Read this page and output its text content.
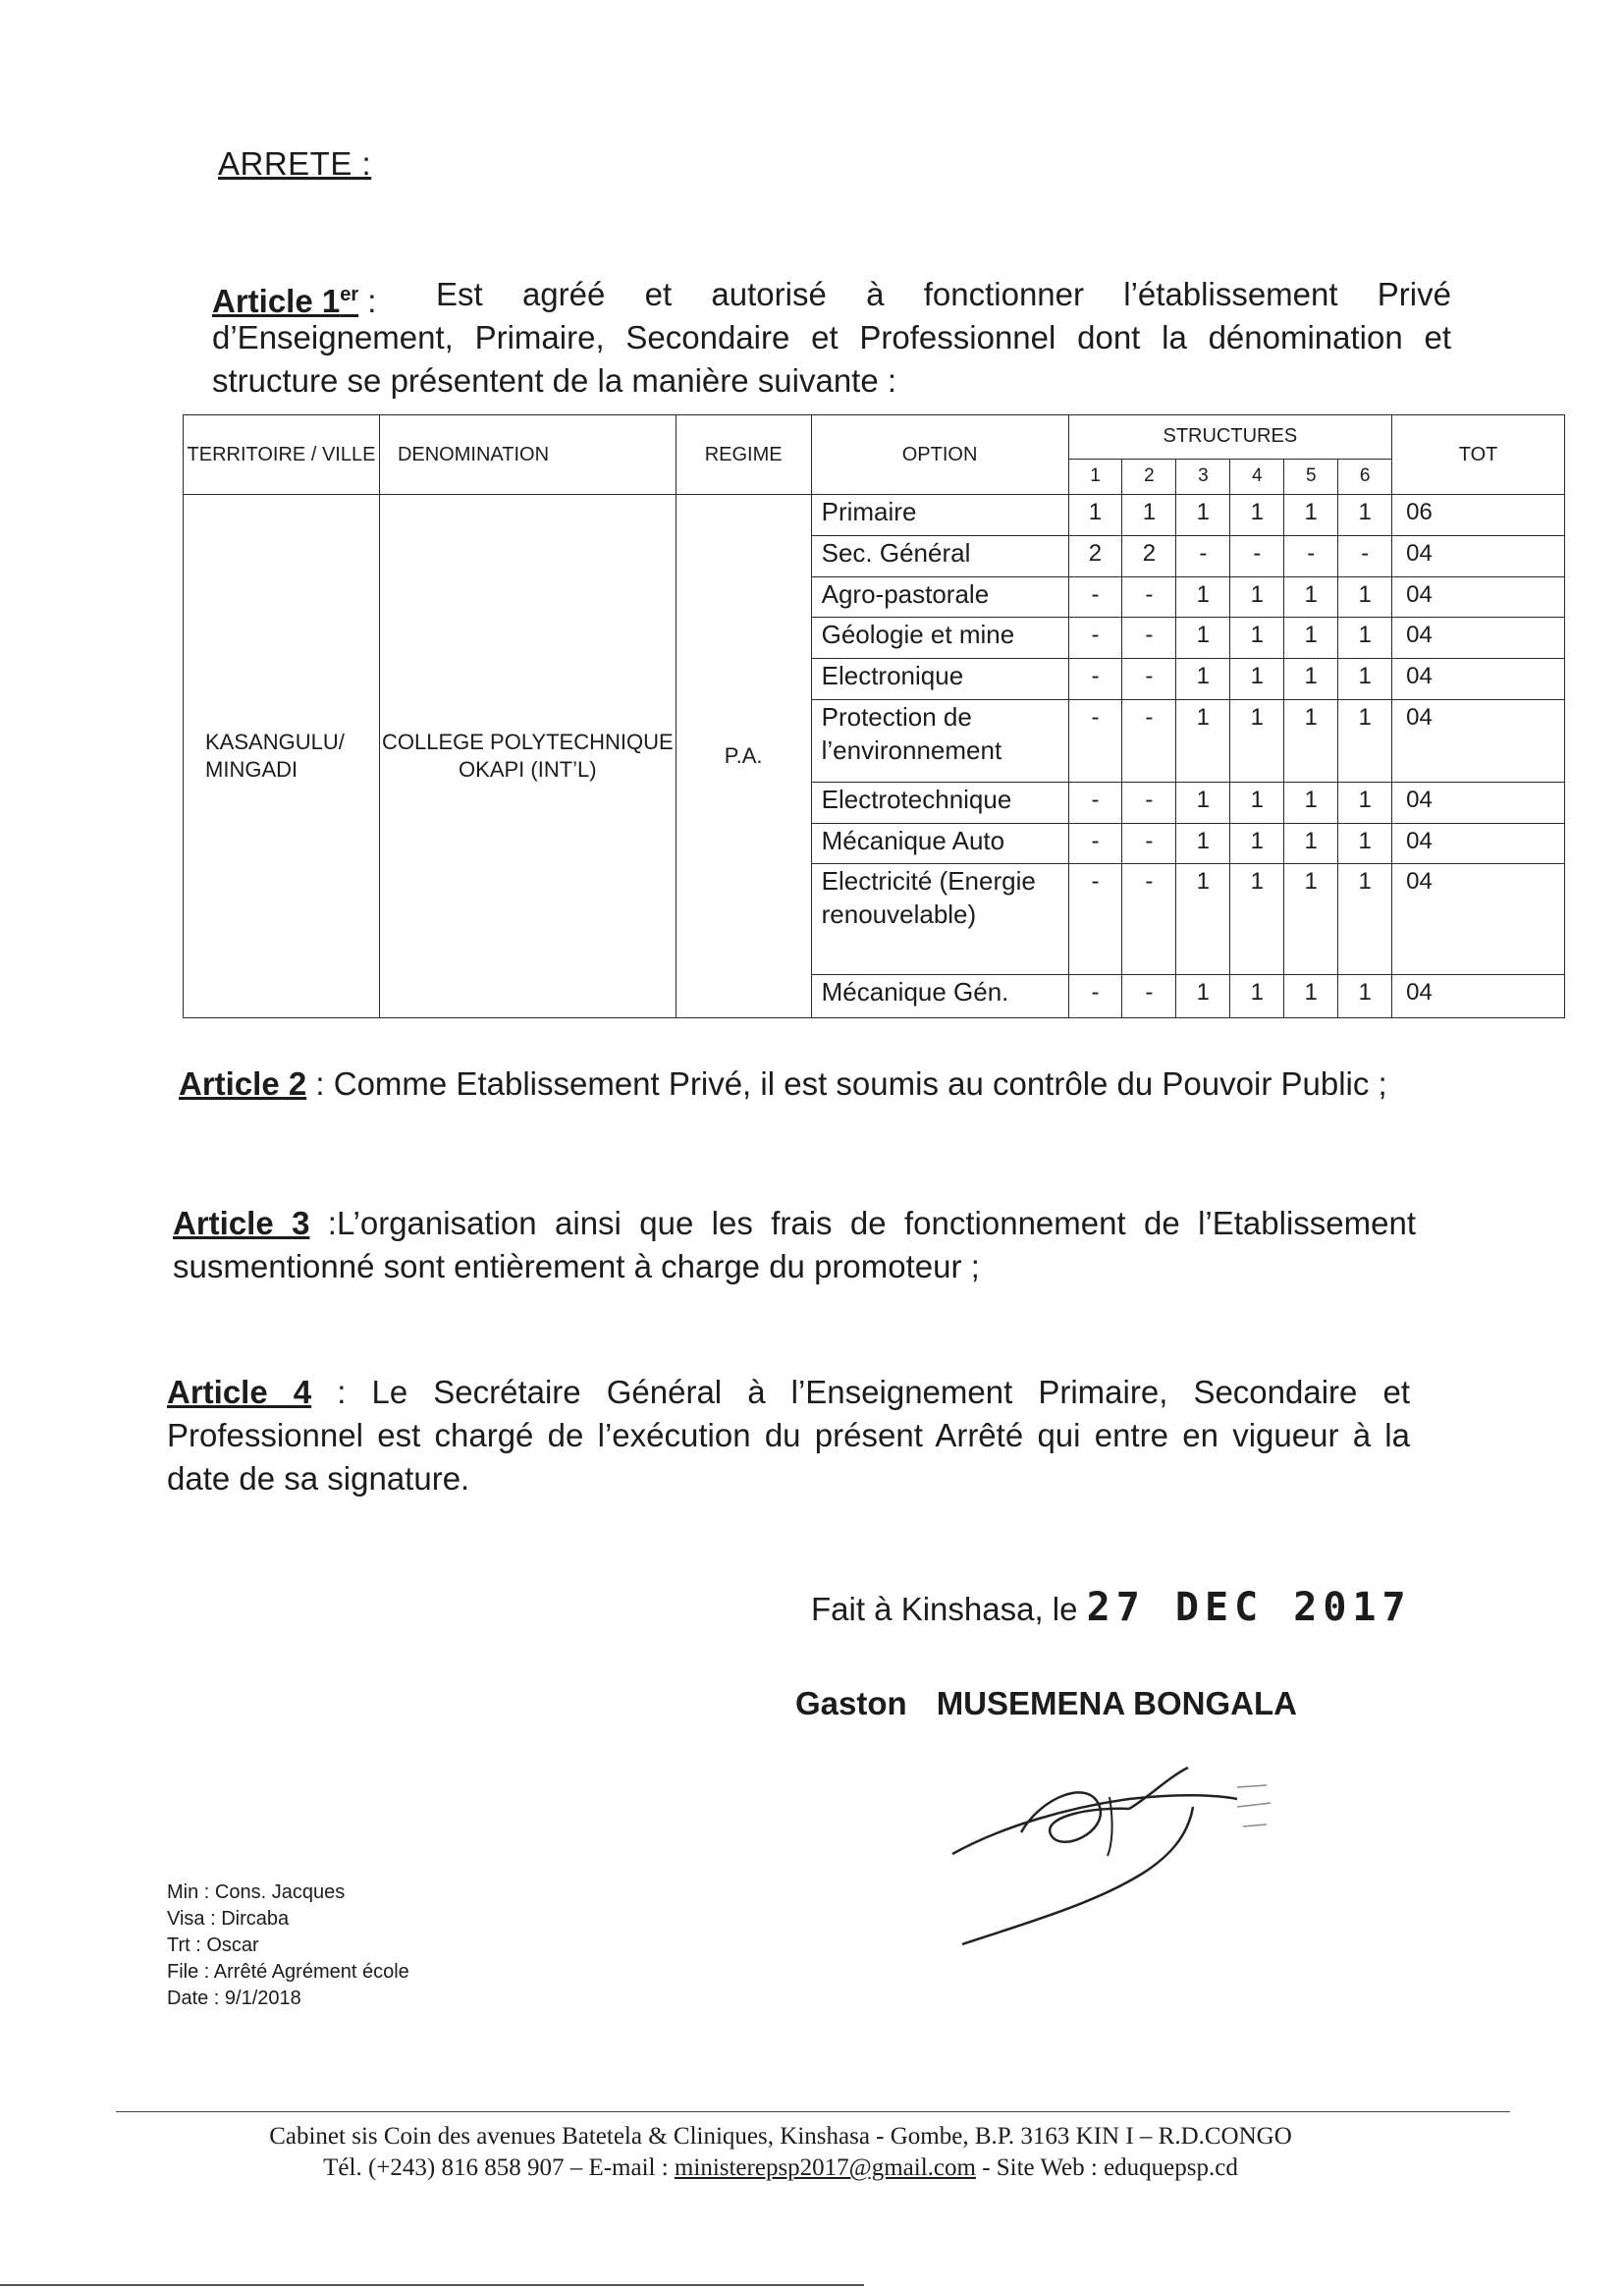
ARRETE :
Article 1er :	Est agréé et autorisé à fonctionner l’établissement Privé d’Enseignement, Primaire, Secondaire et Professionnel dont la dénomination et structure se présentent de la manière suivante :
TERRITOIRE / VILLE	DENOMINATION	REGIME	OPTION	STRUCTURES						TOT
				1	2	3	4	5	6	
KASANGULU/ MINGADI	COLLEGE POLYTECHNIQUE OKAPI (INT’L)	P.A.	Primaire	1	1	1	1	1	1	06
			Sec. Général	2	2	-	-	-	-	04
			Agro-pastorale	-	-	1	1	1	1	04
			Géologie et mine	-	-	1	1	1	1	04
			Electronique	-	-	1	1	1	1	04
			Protection de l’environnement	-	-	1	1	1	1	04
			Electrotechnique	-	-	1	1	1	1	04
			Mécanique Auto	-	-	1	1	1	1	04
			Electricité (Energie renouvelable)	-	-	1	1	1	1	04
			Mécanique Gén.	-	-	1	1	1	1	04
Article 2 : Comme Etablissement Privé, il est soumis au contrôle du Pouvoir Public ;
Article 3 :L’organisation ainsi que les frais de fonctionnement de l’Etablissement susmentionné sont entièrement à charge du promoteur ;
Article 4 : Le Secrétaire Général à l’Enseignement Primaire, Secondaire et Professionnel est chargé de l’exécution du présent Arrêté qui entre en vigueur à la date de sa signature.
Fait à Kinshasa, le 27 DEC 2017
Gaston MUSEMENA BONGALA
Min : Cons. Jacques
Visa : Dircaba
Trt : Oscar
File : Arrêté Agrément école
Date : 9/1/2018
Cabinet sis Coin des avenues Batetela & Cliniques, Kinshasa - Gombe, B.P. 3163 KIN I – R.D.CONGO
Tél. (+243) 816 858 907 – E-mail : ministerepsp2017@gmail.com - Site Web : eduquepsp.cd
